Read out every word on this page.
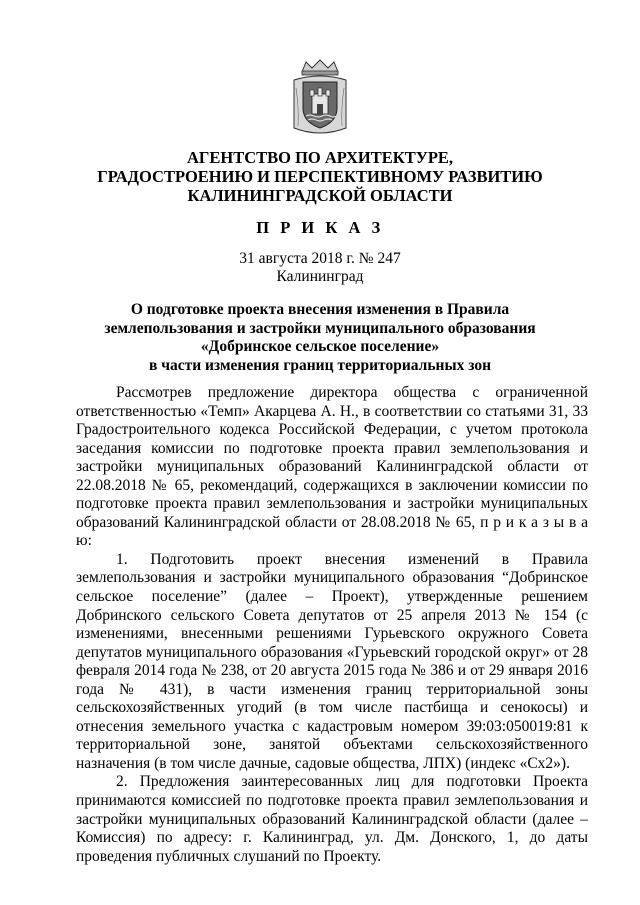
АГЕНТСТВО ПО АРХИТЕКТУРЕ,
ГРАДОСТРОЕНИЮ И ПЕРСПЕКТИВНОМУ РАЗВИТИЮ
КАЛИНИНГРАДСКОЙ ОБЛАСТИ
П Р И К А З
31 августа 2018 г. № 247
Калининград
О подготовке проекта внесения изменения в Правила
землепользования и застройки муниципального образования
«Добринское сельское поселение»
в части изменения границ территориальных зон

Рассмотрев предложение директора общества с ограниченной ответственностью «Темп» Акарцева А. Н., в соответствии со статьями 31, 33 Градостроительного кодекса Российской Федерации, с учетом протокола заседания комиссии по подготовке проекта правил землепользования и застройки муниципальных образований Калининградской области от 22.08.2018 № 65, рекомендаций, содержащихся в заключении комиссии по подготовке проекта правил землепользования и застройки муниципальных образований Калининградской области от 28.08.2018 № 65, п р и к а з ы в а ю:

1. Подготовить проект внесения изменений в Правила землепользования и застройки муниципального образования “Добринское сельское поселение” (далее – Проект), утвержденные решением Добринского сельского Совета депутатов от 25 апреля 2013 № 154 (с изменениями, внесенными решениями Гурьевского окружного Совета депутатов муниципального образования «Гурьевский городской округ» от 28 февраля 2014 года № 238, от 20 августа 2015 года № 386 и от 29 января 2016 года № 431), в части изменения границ территориальной зоны сельскохозяйственных угодий (в том числе пастбища и сенокосы) и отнесения земельного участка с кадастровым номером 39:03:050019:81 к территориальной зоне, занятой объектами сельскохозяйственного назначения (в том числе дачные, садовые общества, ЛПХ) (индекс «Сх2»).

2. Предложения заинтересованных лиц для подготовки Проекта принимаются комиссией по подготовке проекта правил землепользования и застройки муниципальных образований Калининградской области (далее – Комиссия) по адресу: г. Калининград, ул. Дм. Донского, 1, до даты проведения публичных слушаний по Проекту.
